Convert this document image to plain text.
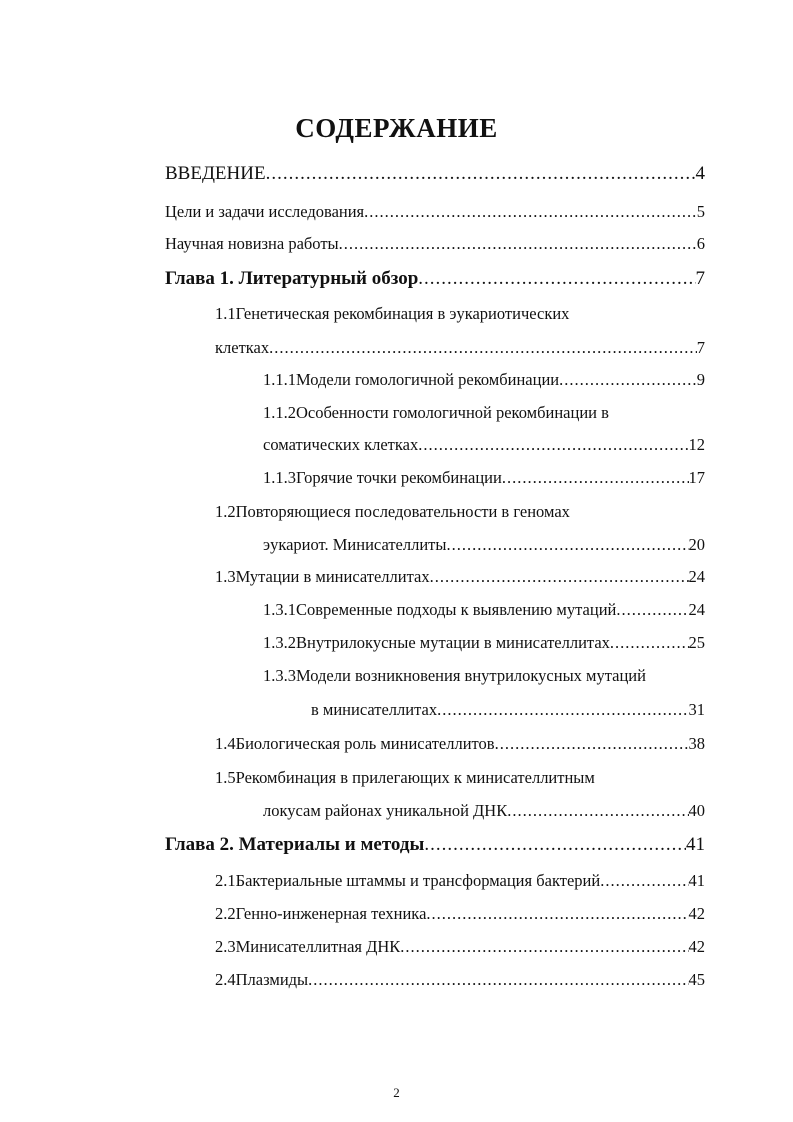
СОДЕРЖАНИЕ
ВВЕДЕНИЕ .....	4
Цели и задачи исследования .....	5
Научная новизна работы .....	6
Глава 1. Литературный обзор .....	7
1.1Генетическая рекомбинация в эукариотических
клетках .....	7
1.1.1 Модели гомологичной рекомбинации .....	9
1.1.2Особенности гомологичной рекомбинации в
соматических клетках .....	12
1.1.3 Горячие точки рекомбинации .....	17
1.2Повторяющиеся последовательности в геномах
эукариот. Минисателлиты .....	20
1.3 Мутации в минисателлитах .....	24
1.3.1 Современные подходы к выявлению мутаций .....	24
1.3.2 Внутрилокусные мутации в минисателлитах .....	25
1.3.3Модели возникновения внутрилокусных мутаций
в минисателлитах .....	31
1.4 Биологическая роль минисателлитов .....	38
1.5Рекомбинация в прилегающих к минисателлитным
локусам районах уникальной ДНК .....	40
Глава 2. Материалы и методы .....	41
2.1 Бактериальные штаммы и трансформация бактерий .....	41
2.2 Генно-инженерная техника .....	42
2.3 Минисателлитная ДНК .....	42
2.4 Плазмиды .....	45
2
